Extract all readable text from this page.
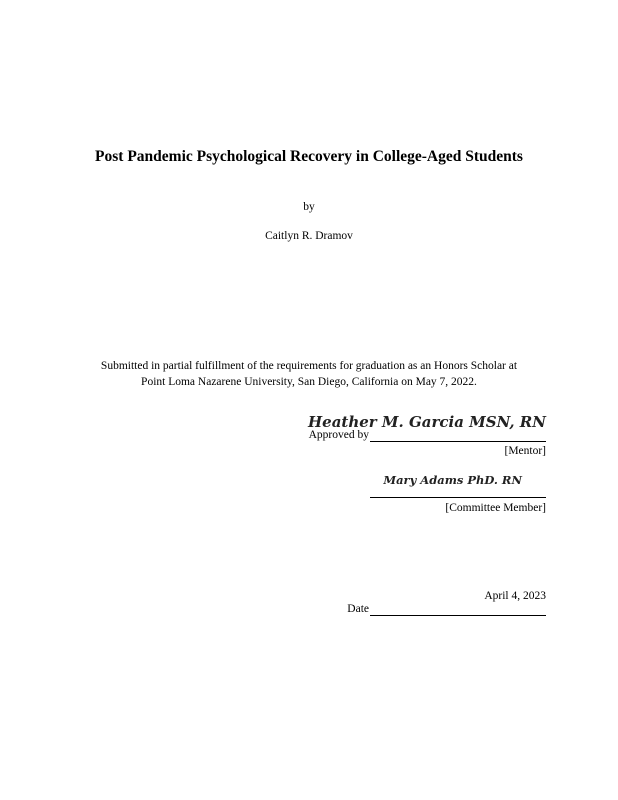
Post Pandemic Psychological Recovery in College-Aged Students
by
Caitlyn R. Dramov
Submitted in partial fulfillment of the requirements for graduation as an Honors Scholar at
Point Loma Nazarene University, San Diego, California on May 7, 2022.
Heather M. Garcia MSN, RN
Approved by
[Mentor]
Mary Adams PhD. RN
[Committee Member]
April 4, 2023
Date
